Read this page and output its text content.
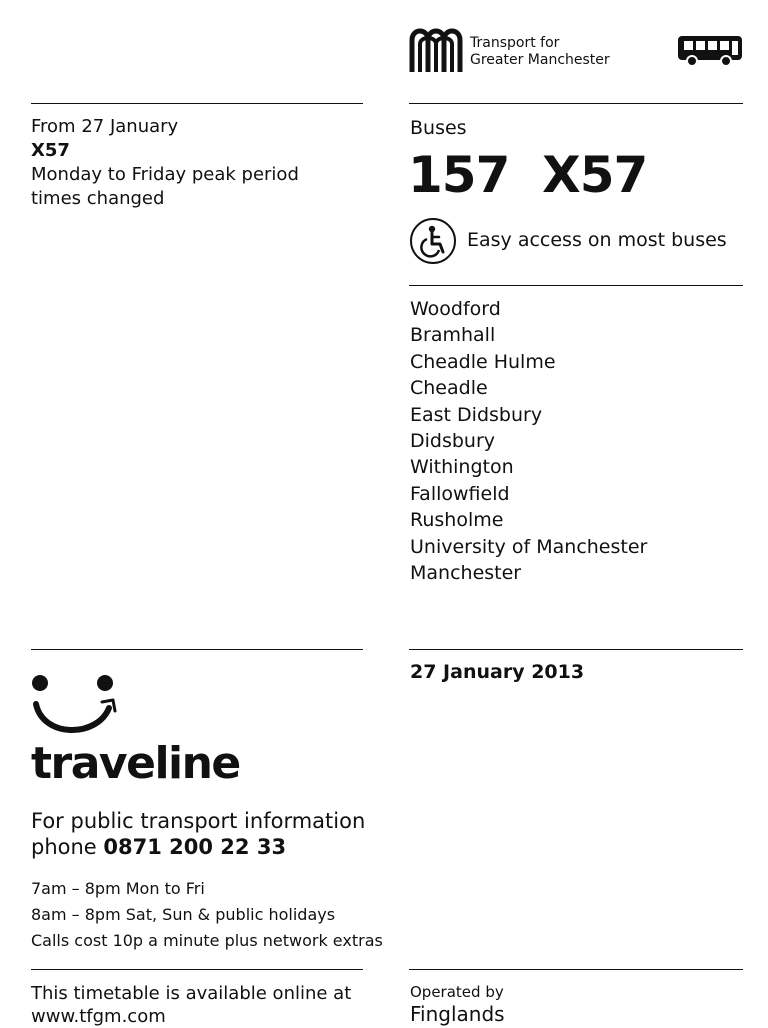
Transport for
Greater Manchester
From 27 January
X57
Monday to Friday peak period
times changed
Buses
157  X57
Easy access on most buses
Woodford
Bramhall
Cheadle Hulme
Cheadle
East Didsbury
Didsbury
Withington
Fallowfield
Rusholme
University of Manchester
Manchester
27 January 2013
traveline
For public transport information
phone 0871 200 22 33
7am – 8pm Mon to Fri
8am – 8pm Sat, Sun & public holidays
Calls cost 10p a minute plus network extras
This timetable is available online at
www.tfgm.com
Operated by
Finglands
